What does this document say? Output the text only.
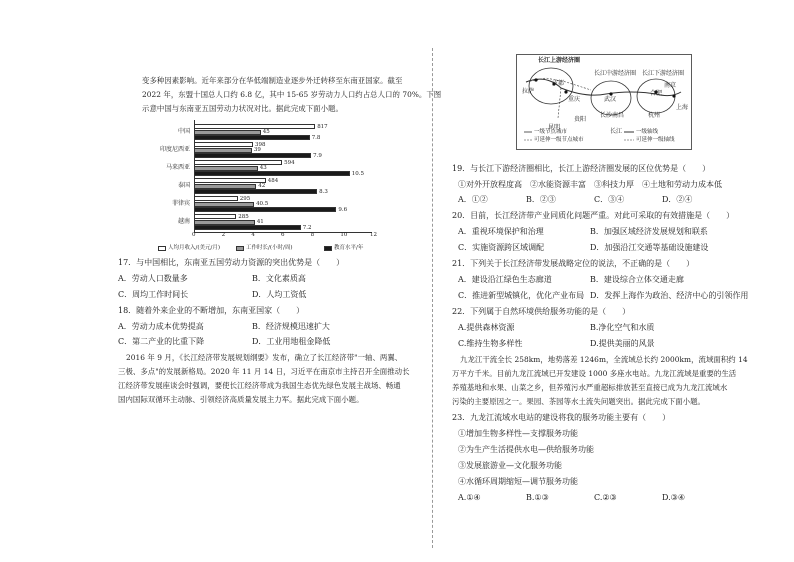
变多种因素影响。近年来部分在华低端制造业逐步外迁转移至东南亚国家。截至
2022 年，东盟十国总人口约 6.8 亿，其中 15-65 岁劳动力人口约占总人口的 70%。下图
示意中国与东南亚五国劳动力状况对比。据此完成下面小题。
中国
817
45
7.8
印度尼西亚
398
39
7.9
马来西亚
594
43
10.5
泰国
484
42
8.3
菲律宾
295
40.5
9.6
越南
285
41
7.2
0	2	4	6	8	10	12
人均月收入/(美元/月)	工作时长/(小时/周)	教育水平/年
17．与中国相比，东南亚五国劳动力资源的突出优势是（　　）
A．劳动人口数量多	B．文化素质高
C．周均工作时间长	D．人均工资低
18．随着外来企业的不断增加，东南亚国家（　　）
A．劳动力成本优势提高	B．经济规模迅速扩大
C．第二产业的比重下降	D．工业用地租金降低
2016 年 9 月，《长江经济带发展规划纲要》发布，确立了长江经济带"一轴、两翼、
三极、多点"的发展新格局。2020 年 11 月 14 日，习近平在南京市主持召开全面推动长
江经济带发展座谈会时强调，要使长江经济带成为我国生态优先绿色发展主战场、畅通
国内国际双循环主动脉、引领经济高质量发展主力军。据此完成下面小题。
长江上游经济圈
长江中游经济圈 长江下游经济圈
拉萨
成都
重庆	武汉
长沙南昌
贵阳
昆明
合肥
南京
上海
杭州
长江
一级节点城市
可延伸一级节点城市
一级轴线
可延伸一级轴线
19．与长江下游经济圈相比，长江上游经济圈发展的区位优势是（　　）
①对外开放程度高　②水能资源丰富　③科技力厚　④土地和劳动力成本低
A．①②	B．②③	C．③④	D．②④
20．目前，长江经济带产业同质化问题严重。对此可采取的有效措施是（　　）
A．重视环境保护和治理	B．加强区域经济发展规划和联系
C．实施资源跨区域调配	D．加强沿江交通等基础设施建设
21．下列关于长江经济带发展战略定位的说法，不正确的是（　　）
A．建设沿江绿色生态廊道	B．建设综合立体交通走廊
C．推进新型城镇化，优化产业布局 D．发挥上海作为政治、经济中心的引领作用
22．下列属于自然环境供给服务功能的是（　　）
A.提供森林资源	B.净化空气和水质
C.维持生物多样性	D.提供美丽的风景
九龙江干流全长 258km，地势落差 1246m，全流域总长约 2000km，流域面积约 14
万平方千米。目前九龙江流域已开发建设 1000 多座水电站。九龙江流域是重要的生活
养殖基地和水果、山菜之乡，但养殖污水严重超标排放甚至直接已成为九龙江流域水
污染的主要原因之一。果园、茶园等水土流失问题突出。据此完成下面小题。
23．九龙江流域水电站的建设将我的服务功能主要有（　　）
①增加生物多样性—支撑服务功能
②为生产生活提供水电—供给服务功能
③发展旅游业—文化服务功能
④水循环周期缩短—调节服务功能
A.①④	B.①③	C.②③	D.③④
